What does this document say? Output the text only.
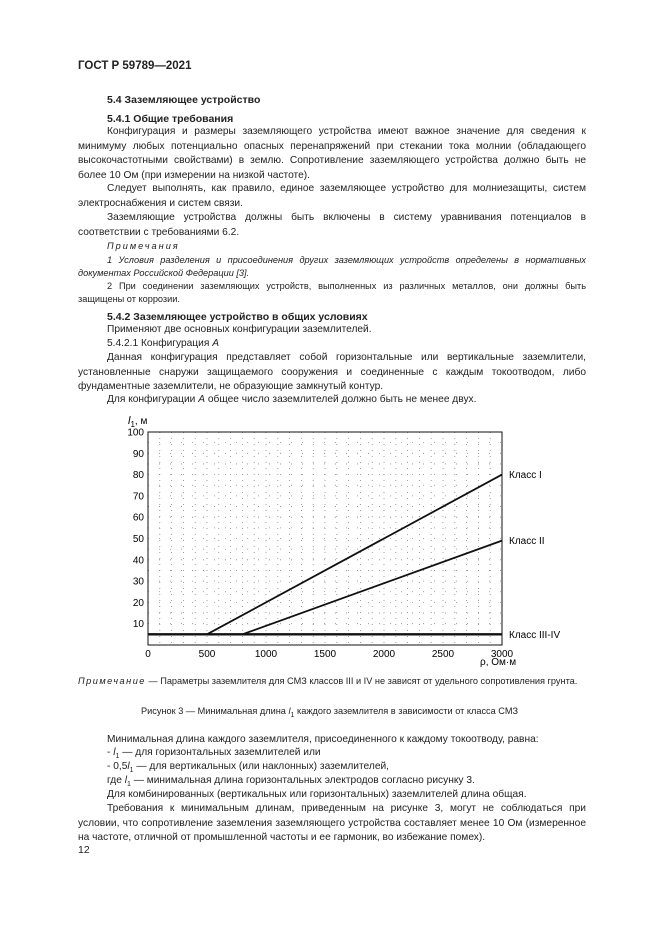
ГОСТ Р 59789—2021
5.4 Заземляющее устройство
5.4.1 Общие требования
Конфигурация и размеры заземляющего устройства имеют важное значение для сведения к минимуму любых потенциально опасных перенапряжений при стекании тока молнии (обладающего высокочастотными свойствами) в землю. Сопротивление заземляющего устройства должно быть не более 10 Ом (при измерении на низкой частоте).
Следует выполнять, как правило, единое заземляющее устройство для молниезащиты, систем электроснабжения и систем связи.
Заземляющие устройства должны быть включены в систему уравнивания потенциалов в соответствии с требованиями 6.2.
Примечания
1 Условия разделения и присоединения других заземляющих устройств определены в нормативных документах Российской Федерации [3].
2 При соединении заземляющих устройств, выполненных из различных металлов, они должны быть защищены от коррозии.
5.4.2 Заземляющее устройство в общих условиях
Применяют две основных конфигурации заземлителей.
5.4.2.1 Конфигурация А
Данная конфигурация представляет собой горизонтальные или вертикальные заземлители, установленные снаружи защищаемого сооружения и соединенные с каждым токоотводом, либо фундаментные заземлители, не образующие замкнутый контур.
Для конфигурации А общее число заземлителей должно быть не менее двух.
10
20
30
40
50
60
70
80
90
100
0	500	1000	1500	2000	2500	3000
Класс I
Класс II
Класс III-IV
$l_1$, м
ρ, Ом·м
Примечание — Параметры заземлителя для СМЗ классов III и IV не зависят от удельного сопротивления грунта.
Рисунок 3 — Минимальная длина $l_1$ каждого заземлителя в зависимости от класса СМЗ
Минимальная длина каждого заземлителя, присоединенного к каждому токоотводу, равна:
- $l_1$ — для горизонтальных заземлителей или
- $0,5l_1$ — для вертикальных (или наклонных) заземлителей,
где $l_1$ — минимальная длина горизонтальных электродов согласно рисунку 3.
Для комбинированных (вертикальных или горизонтальных) заземлителей длина общая.
Требования к минимальным длинам, приведенным на рисунке 3, могут не соблюдаться при условии, что сопротивление заземления заземляющего устройства составляет менее 10 Ом (измеренное на частоте, отличной от промышленной частоты и ее гармоник, во избежание помех).
12
